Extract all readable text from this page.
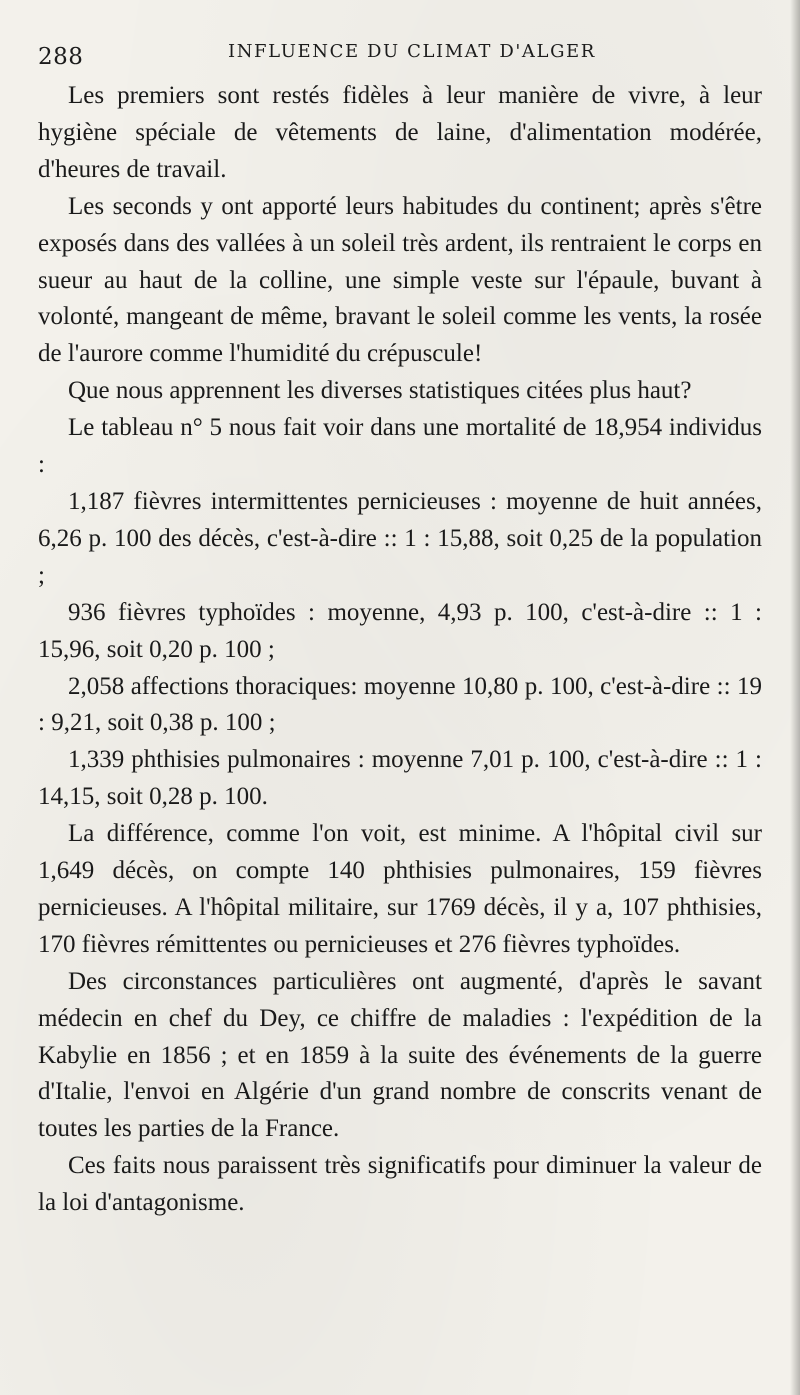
288	INFLUENCE DU CLIMAT D'ALGER

Les premiers sont restés fidèles à leur manière de vivre, à leur hygiène spéciale de vêtements de laine, d'alimentation modérée, d'heures de travail.

Les seconds y ont apporté leurs habitudes du continent; après s'être exposés dans des vallées à un soleil très ardent, ils rentraient le corps en sueur au haut de la colline, une simple veste sur l'épaule, buvant à volonté, mangeant de même, bravant le soleil comme les vents, la rosée de l'aurore comme l'humidité du crépuscule!

Que nous apprennent les diverses statistiques citées plus haut?

Le tableau n° 5 nous fait voir dans une mortalité de 18,954 individus :

1,187 fièvres intermittentes pernicieuses : moyenne de huit années, 6,26 p. 100 des décès, c'est-à-dire :: 1 : 15,88, soit 0,25 de la population ;

936 fièvres typhoïdes : moyenne, 4,93 p. 100, c'est-à-dire :: 1 : 15,96, soit 0,20 p. 100 ;

2,058 affections thoraciques: moyenne 10,80 p. 100, c'est-à-dire :: 19 : 9,21, soit 0,38 p. 100 ;

1,339 phthisies pulmonaires : moyenne 7,01 p. 100, c'est-à-dire :: 1 : 14,15, soit 0,28 p. 100.

La différence, comme l'on voit, est minime. A l'hôpital civil sur 1,649 décès, on compte 140 phthisies pulmonaires, 159 fièvres pernicieuses. A l'hôpital militaire, sur 1769 décès, il y a, 107 phthisies, 170 fièvres rémittentes ou pernicieuses et 276 fièvres typhoïdes.

Des circonstances particulières ont augmenté, d'après le savant médecin en chef du Dey, ce chiffre de maladies : l'expédition de la Kabylie en 1856 ; et en 1859 à la suite des événements de la guerre d'Italie, l'envoi en Algérie d'un grand nombre de conscrits venant de toutes les parties de la France.

Ces faits nous paraissent très significatifs pour diminuer la valeur de la loi d'antagonisme.
